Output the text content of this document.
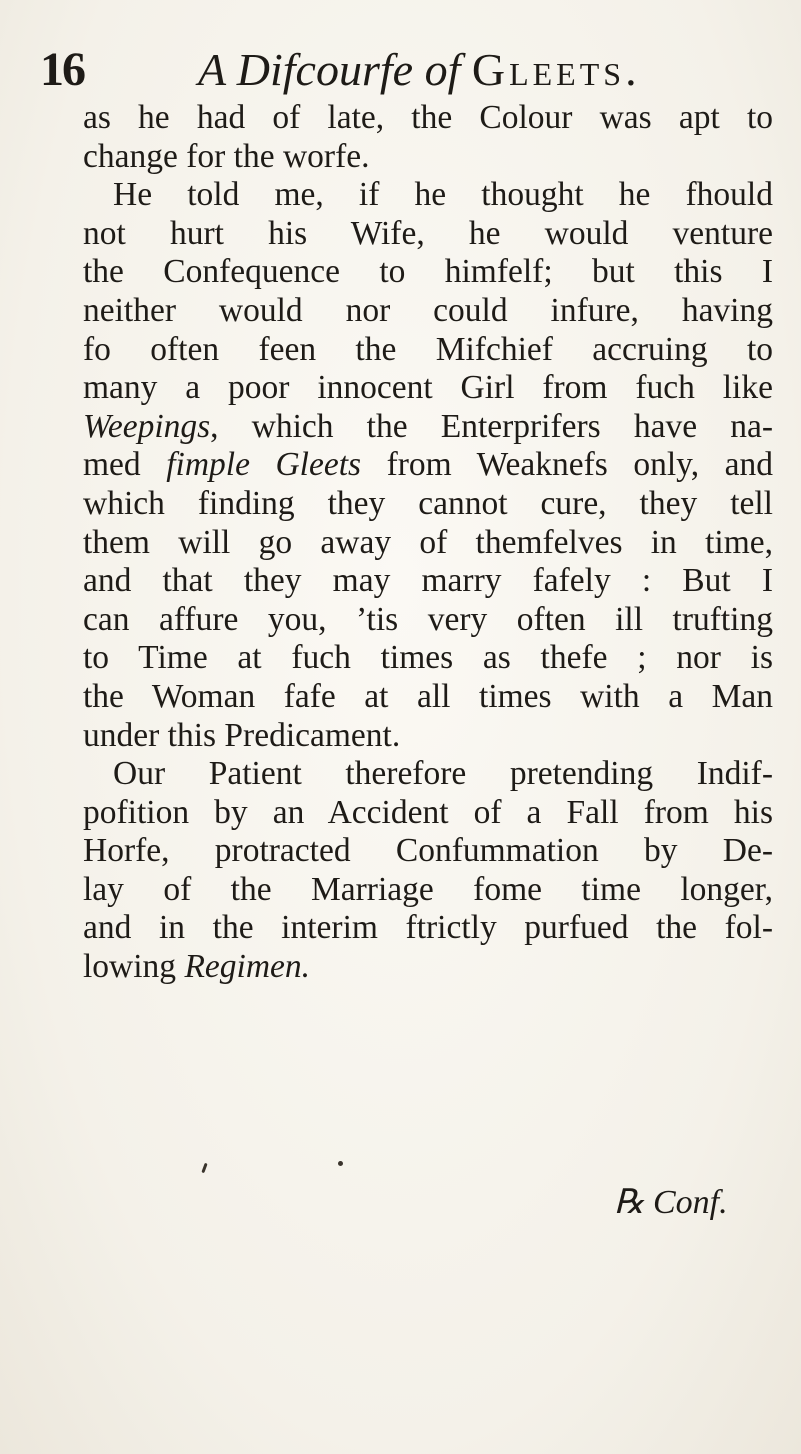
16 A Difcourfe of Gleets.
as he had of late, the Colour was apt to
change for the worfe.
He told me, if he thought he fhould
not hurt his Wife, he would venture
the Confequence to himfelf; but this I
neither would nor could infure, having
fo often feen the Mifchief accruing to
many a poor innocent Girl from fuch like
Weepings, which the Enterprifers have na-
med fimple Gleets from Weaknefs only, and
which finding they cannot cure, they tell
them will go away of themfelves in time,
and that they may marry fafely : But I
can affure you, ’tis very often ill trufting
to Time at fuch times as thefe ; nor is
the Woman fafe at all times with a Man
under this Predicament.
Our Patient therefore pretending Indif-
pofition by an Accident of a Fall from his
Horfe, protracted Confummation by De-
lay of the Marriage fome time longer,
and in the interim ftrictly purfued the fol-
lowing Regimen.
℞ Conf.
